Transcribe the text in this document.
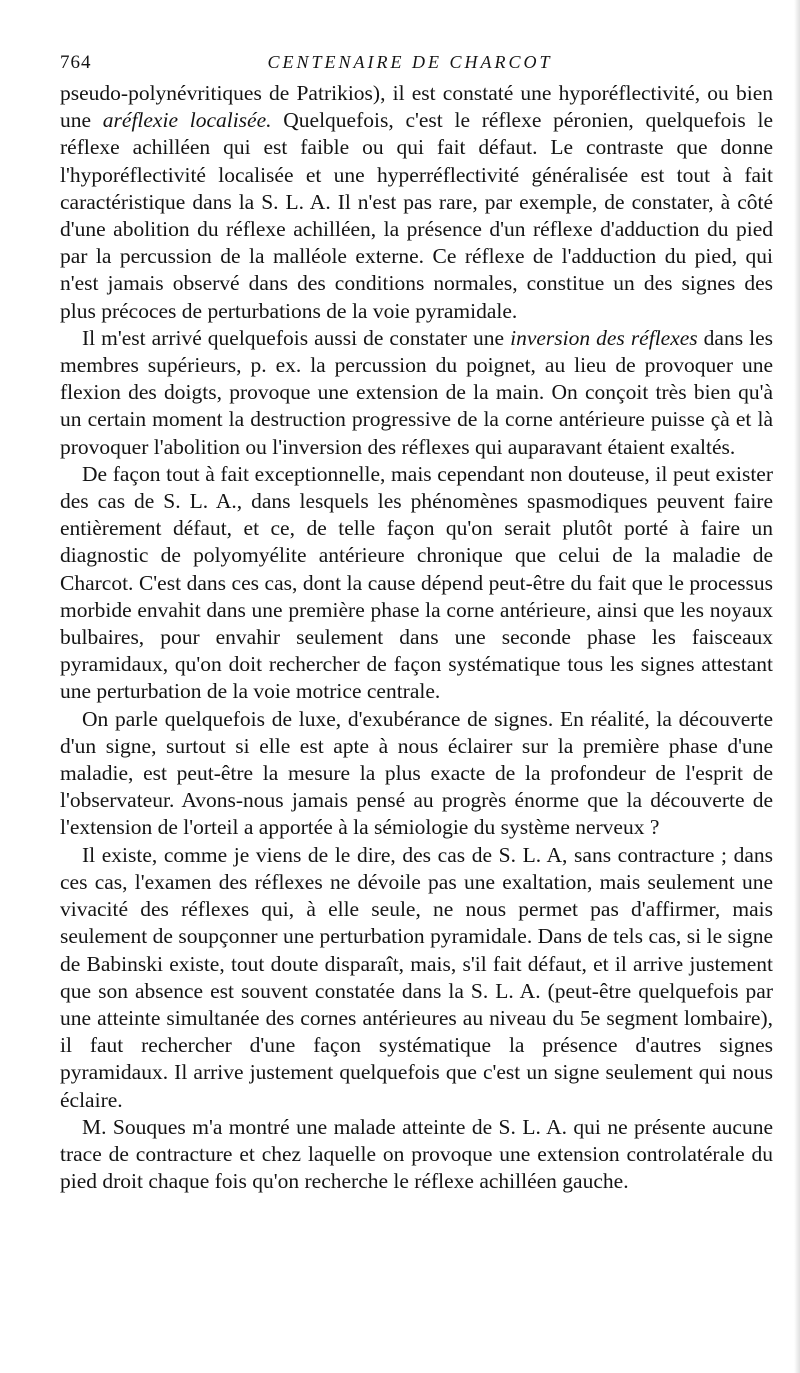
764	CENTENAIRE DE CHARCOT

pseudo-polynévritiques de Patrikios), il est constaté une hyporéflectivité, ou bien une aréflexie localisée. Quelquefois, c'est le réflexe péronien, quelquefois le réflexe achilléen qui est faible ou qui fait défaut. Le contraste que donne l'hyporéflectivité localisée et une hyperréflectivité généralisée est tout à fait caractéristique dans la S. L. A. Il n'est pas rare, par exemple, de constater, à côté d'une abolition du réflexe achilléen, la présence d'un réflexe d'adduction du pied par la percussion de la malléole externe. Ce réflexe de l'adduction du pied, qui n'est jamais observé dans des conditions normales, constitue un des signes des plus précoces de perturbations de la voie pyramidale.

Il m'est arrivé quelquefois aussi de constater une inversion des réflexes dans les membres supérieurs, p. ex. la percussion du poignet, au lieu de provoquer une flexion des doigts, provoque une extension de la main. On conçoit très bien qu'à un certain moment la destruction progressive de la corne antérieure puisse çà et là provoquer l'abolition ou l'inversion des réflexes qui auparavant étaient exaltés.

De façon tout à fait exceptionnelle, mais cependant non douteuse, il peut exister des cas de S. L. A., dans lesquels les phénomènes spasmodiques peuvent faire entièrement défaut, et ce, de telle façon qu'on serait plutôt porté à faire un diagnostic de polyomyélite antérieure chronique que celui de la maladie de Charcot. C'est dans ces cas, dont la cause dépend peut-être du fait que le processus morbide envahit dans une première phase la corne antérieure, ainsi que les noyaux bulbaires, pour envahir seulement dans une seconde phase les faisceaux pyramidaux, qu'on doit rechercher de façon systématique tous les signes attestant une perturbation de la voie motrice centrale.

On parle quelquefois de luxe, d'exubérance de signes. En réalité, la découverte d'un signe, surtout si elle est apte à nous éclairer sur la première phase d'une maladie, est peut-être la mesure la plus exacte de la profondeur de l'esprit de l'observateur. Avons-nous jamais pensé au progrès énorme que la découverte de l'extension de l'orteil a apportée à la sémiologie du système nerveux ?

Il existe, comme je viens de le dire, des cas de S. L. A, sans contracture ; dans ces cas, l'examen des réflexes ne dévoile pas une exaltation, mais seulement une vivacité des réflexes qui, à elle seule, ne nous permet pas d'affirmer, mais seulement de soupçonner une perturbation pyramidale. Dans de tels cas, si le signe de Babinski existe, tout doute disparaît, mais, s'il fait défaut, et il arrive justement que son absence est souvent constatée dans la S. L. A. (peut-être quelquefois par une atteinte simultanée des cornes antérieures au niveau du 5e segment lombaire), il faut rechercher d'une façon systématique la présence d'autres signes pyramidaux. Il arrive justement quelquefois que c'est un signe seulement qui nous éclaire.

M. Souques m'a montré une malade atteinte de S. L. A. qui ne présente aucune trace de contracture et chez laquelle on provoque une extension controlatérale du pied droit chaque fois qu'on recherche le réflexe achilléen gauche.
